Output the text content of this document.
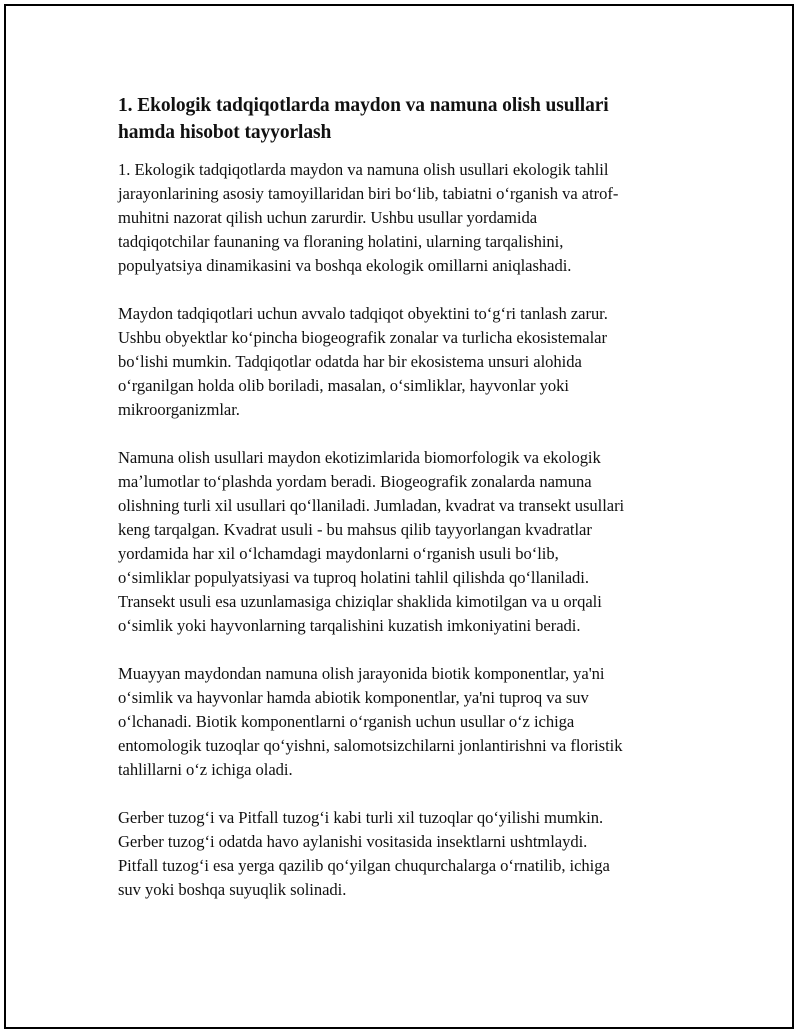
1. Ekologik tadqiqotlarda maydon va namuna olish usullari
hamda hisobot tayyorlash

1. Ekologik tadqiqotlarda maydon va namuna olish usullari ekologik tahlil
jarayonlarining asosiy tamoyillaridan biri boʻlib, tabiatni oʻrganish va atrof-
muhitni nazorat qilish uchun zarurdir. Ushbu usullar yordamida
tadqiqotchilar faunaning va floraning holatini, ularning tarqalishini,
populyatsiya dinamikasini va boshqa ekologik omillarni aniqlashadi.

Maydon tadqiqotlari uchun avvalo tadqiqot obyektini toʻgʻri tanlash zarur.
Ushbu obyektlar koʻpincha biogeografik zonalar va turlicha ekosistemalar
boʻlishi mumkin. Tadqiqotlar odatda har bir ekosistema unsuri alohida
oʻrganilgan holda olib boriladi, masalan, oʻsimliklar, hayvonlar yoki
mikroorganizmlar.

Namuna olish usullari maydon ekotizimlarida biomorfologik va ekologik
maʼlumotlar toʻplashda yordam beradi. Biogeografik zonalarda namuna
olishning turli xil usullari qoʻllaniladi. Jumladan, kvadrat va transekt usullari
keng tarqalgan. Kvadrat usuli - bu mahsus qilib tayyorlangan kvadratlar
yordamida har xil oʻlchamdagi maydonlarni oʻrganish usuli boʻlib,
oʻsimliklar populyatsiyasi va tuproq holatini tahlil qilishda qoʻllaniladi.
Transekt usuli esa uzunlamasiga chiziqlar shaklida kimotilgan va u orqali
oʻsimlik yoki hayvonlarning tarqalishini kuzatish imkoniyatini beradi.

Muayyan maydondan namuna olish jarayonida biotik komponentlar, ya'ni
oʻsimlik va hayvonlar hamda abiotik komponentlar, ya'ni tuproq va suv
oʻlchanadi. Biotik komponentlarni oʻrganish uchun usullar oʻz ichiga
entomologik tuzoqlar qoʻyishni, salomotsizchilarni jonlantirishni va floristik
tahlillarni oʻz ichiga oladi.

Gerber tuzogʻi va Pitfall tuzogʻi kabi turli xil tuzoqlar qoʻyilishi mumkin.
Gerber tuzogʻi odatda havo aylanishi vositasida insektlarni ushtmlaydi.
Pitfall tuzogʻi esa yerga qazilib qoʻyilgan chuqurchalarga oʻrnatilib, ichiga
suv yoki boshqa suyuqlik solinadi.
